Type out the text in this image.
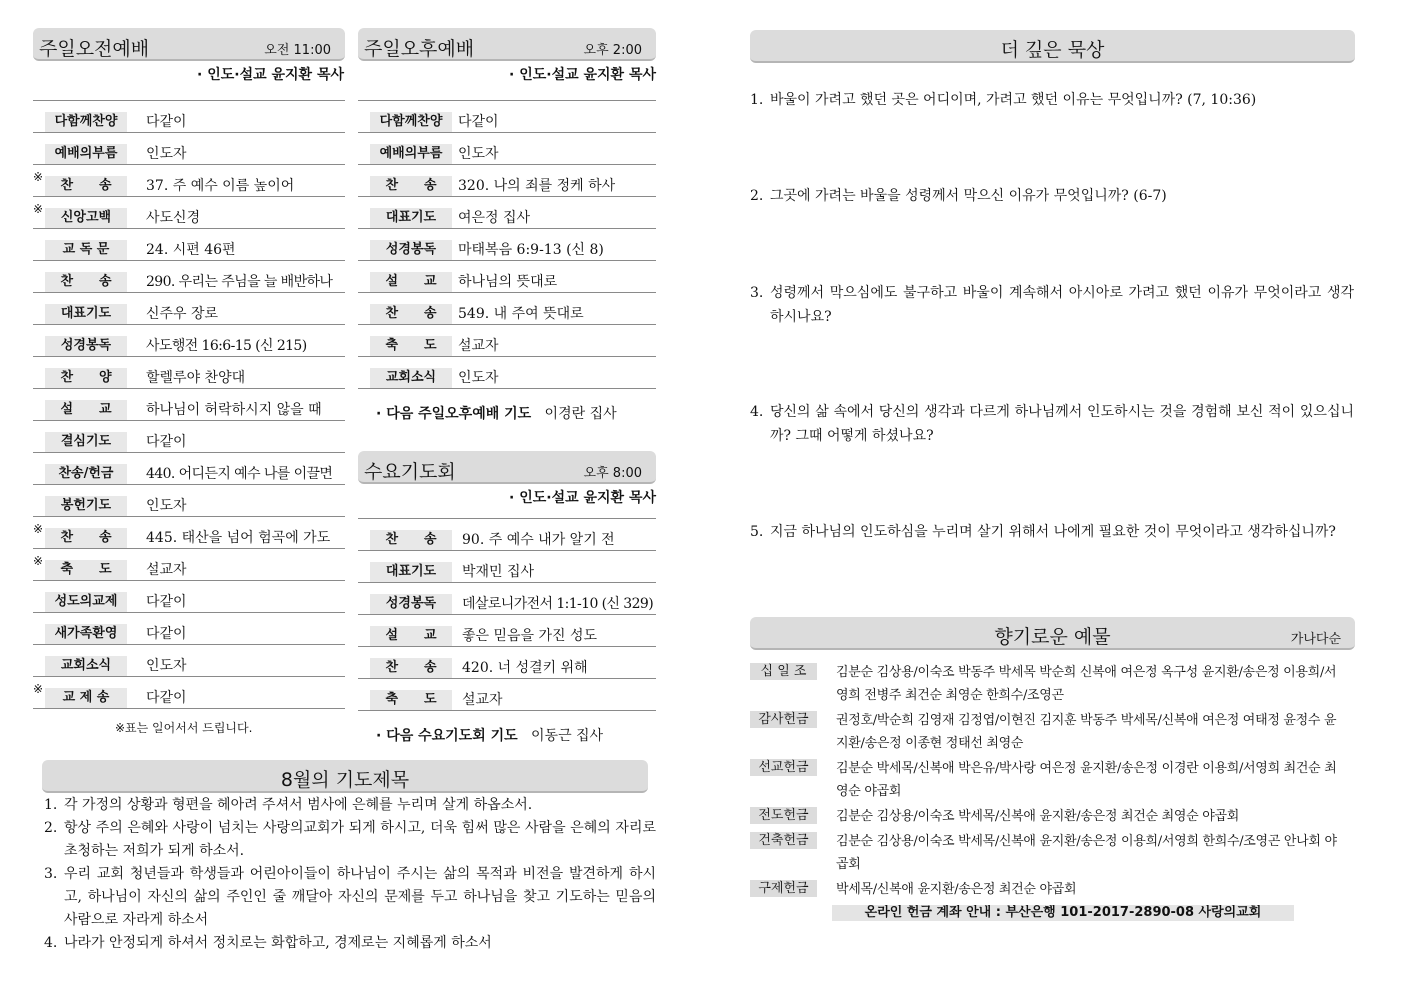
주일오전예배	오전 11:00
· 인도·설교 윤지환 목사
다함께찬양	다같이
예배의부름	인도자
※
찬　　송	37. 주 예수 이름 높이어
※
신앙고백	사도신경
교 독 문	24. 시편 46편
찬　　송	290. 우리는 주님을 늘 배반하나
대표기도	신주우 장로
성경봉독	사도행전 16:6-15 (신 215)
찬　　양	할렐루야 찬양대
설　　교	하나님이 허락하시지 않을 때
결심기도	다같이
찬송/헌금	440. 어디든지 예수 나를 이끌면
봉헌기도	인도자
※
찬　　송	445. 태산을 넘어 험곡에 가도
※
축　　도	설교자
성도의교제	다같이
새가족환영	다같이
교회소식	인도자
※
교 제 송	다같이
※표는 일어서서 드립니다.
주일오후예배	오후 2:00
· 인도·설교 윤지환 목사
다함께찬양	다같이
예배의부름	인도자
찬　　송	320. 나의 죄를 정케 하사
대표기도	여은정 집사
성경봉독	마태복음 6:9-13 (신 8)
설　　교	하나님의 뜻대로
찬　　송	549. 내 주여 뜻대로
축　　도	설교자
교회소식	인도자
· 다음 주일오후예배 기도 이경란 집사
수요기도회	오후 8:00
· 인도·설교 윤지환 목사
찬　　송	90. 주 예수 내가 알기 전
대표기도	박재민 집사
성경봉독	데살로니가전서 1:1-10 (신 329)
설　　교	좋은 믿음을 가진 성도
찬　　송	420. 너 성결키 위해
축　　도	설교자
· 다음 수요기도회 기도 이동근 집사
8월의 기도제목
1. 각 가정의 상황과 형편을 헤아려 주셔서 범사에 은혜를 누리며 살게 하옵소서.
2. 항상 주의 은혜와 사랑이 넘치는 사랑의교회가 되게 하시고, 더욱 힘써 많은 사람을 은혜의 자리로 초청하는 저희가 되게 하소서.
3. 우리 교회 청년들과 학생들과 어린아이들이 하나님이 주시는 삶의 목적과 비전을 발견하게 하시고, 하나님이 자신의 삶의 주인인 줄 깨달아 자신의 문제를 두고 하나님을 찾고 기도하는 믿음의 사람으로 자라게 하소서
4. 나라가 안정되게 하셔서 정치로는 화합하고, 경제로는 지혜롭게 하소서
더 깊은 묵상
1. 바울이 가려고 했던 곳은 어디이며, 가려고 했던 이유는 무엇입니까? (7, 10:36)
2. 그곳에 가려는 바울을 성령께서 막으신 이유가 무엇입니까? (6-7)
3. 성령께서 막으심에도 불구하고 바울이 계속해서 아시아로 가려고 했던 이유가 무엇이라고 생각하시나요?
4. 당신의 삶 속에서 당신의 생각과 다르게 하나님께서 인도하시는 것을 경험해 보신 적이 있으십니까? 그때 어떻게 하셨나요?
5. 지금 하나님의 인도하심을 누리며 살기 위해서 나에게 필요한 것이 무엇이라고 생각하십니까?
향기로운 예물	가나다순
십 일 조	김분순 김상용/이숙조 박동주 박세목 박순희 신복애 여은정 옥구성 윤지환/송은정 이용희/서영희 전병주 최건순 최영순 한희수/조영곤
감사헌금	권정호/박순희 김영재 김정엽/이현진 김지훈 박동주 박세목/신복애 여은정 여태정 윤정수 윤지환/송은정 이종현 정태선 최영순
선교헌금	김분순 박세목/신복애 박은유/박사랑 여은정 윤지환/송은정 이경란 이용희/서영희 최건순 최영순 야곱회
전도헌금	김분순 김상용/이숙조 박세목/신복애 윤지환/송은정 최건순 최영순 야곱회
건축헌금	김분순 김상용/이숙조 박세목/신복애 윤지환/송은정 이용희/서영희 한희수/조영곤 안나회 야곱회
구제헌금	박세목/신복애 윤지환/송은정 최건순 야곱회
온라인 헌금 계좌 안내 : 부산은행 101-2017-2890-08 사랑의교회
